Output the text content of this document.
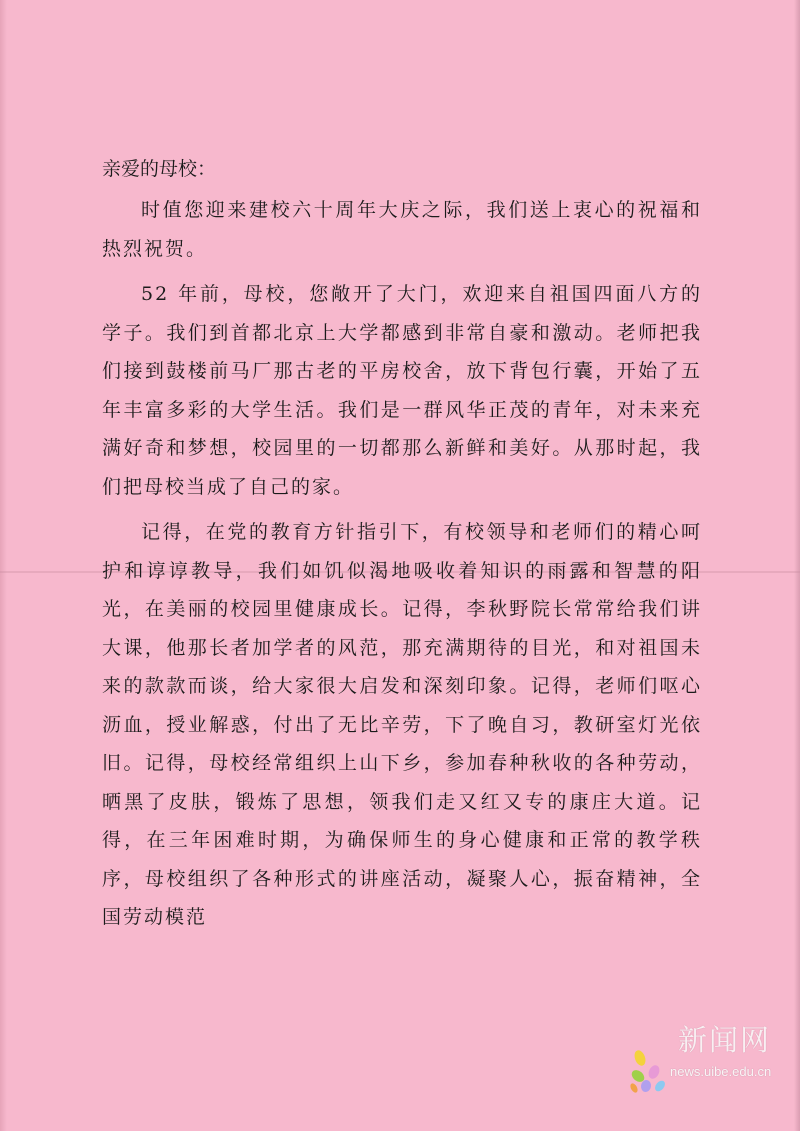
亲爱的母校：

时值您迎来建校六十周年大庆之际，我们送上衷心的祝福和热烈祝贺。

52 年前，母校，您敞开了大门，欢迎来自祖国四面八方的学子。我们到首都北京上大学都感到非常自豪和激动。老师把我们接到鼓楼前马厂那古老的平房校舍，放下背包行囊，开始了五年丰富多彩的大学生活。我们是一群风华正茂的青年，对未来充满好奇和梦想，校园里的一切都那么新鲜和美好。从那时起，我们把母校当成了自己的家。

记得，在党的教育方针指引下，有校领导和老师们的精心呵护和谆谆教导，我们如饥似渴地吸收着知识的雨露和智慧的阳光，在美丽的校园里健康成长。记得，李秋野院长常常给我们讲大课，他那长者加学者的风范，那充满期待的目光，和对祖国未来的款款而谈，给大家很大启发和深刻印象。记得，老师们呕心沥血，授业解惑，付出了无比辛劳，下了晚自习，教研室灯光依旧。记得，母校经常组织上山下乡，参加春种秋收的各种劳动，晒黑了皮肤，锻炼了思想，领我们走又红又专的康庄大道。记得，在三年困难时期，为确保师生的身心健康和正常的教学秩序，母校组织了各种形式的讲座活动，凝聚人心，振奋精神，全国劳动模范

新闻网
news.uibe.edu.cn
